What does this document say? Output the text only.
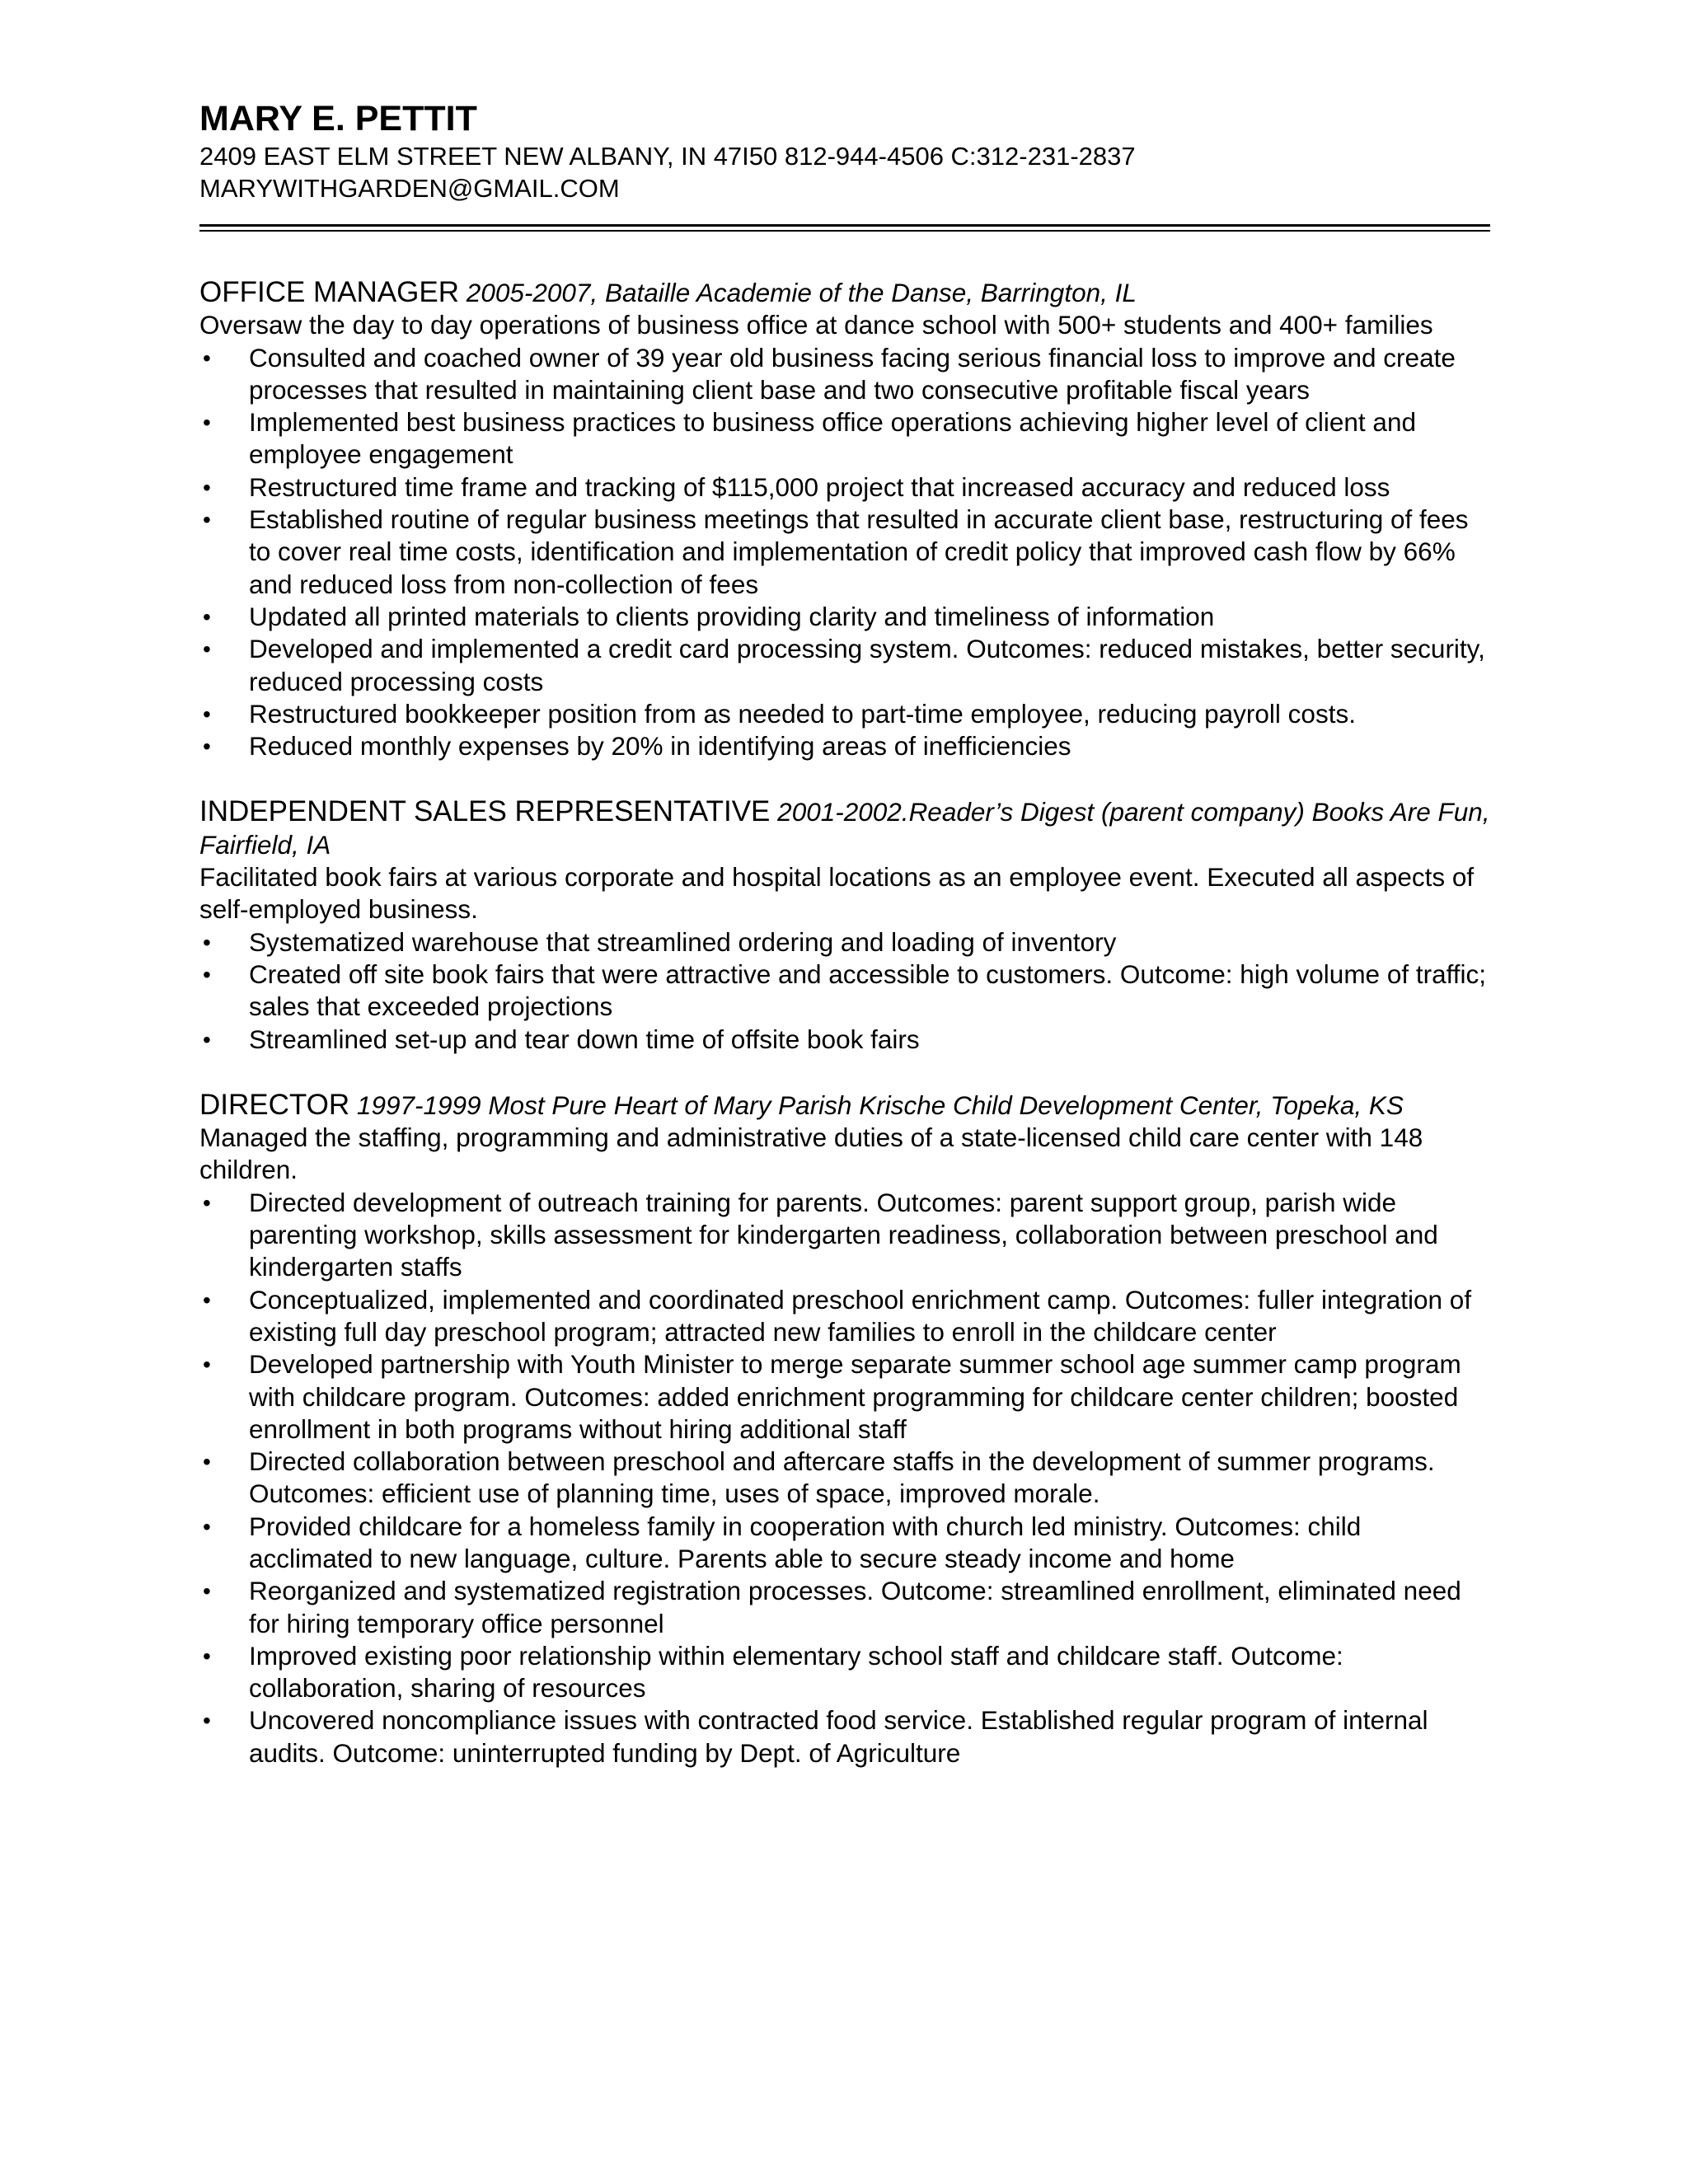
MARY E. PETTIT

2409 EAST ELM STREET NEW ALBANY, IN 47I50 812-944-4506 C:312-231-2837

MARYWITHGARDEN@GMAIL.COM

OFFICE MANAGER 2005-2007, Bataille Academie of the Danse, Barrington, IL

Oversaw the day to day operations of business office at dance school with 500+ students and 400+ families

• Consulted and coached owner of 39 year old business facing serious financial loss to improve and create processes that resulted in maintaining client base and two consecutive profitable fiscal years
• Implemented best business practices to business office operations achieving higher level of client and employee engagement
• Restructured time frame and tracking of $115,000 project that increased accuracy and reduced loss
• Established routine of regular business meetings that resulted in accurate client base, restructuring of fees to cover real time costs, identification and implementation of credit policy that improved cash flow by 66% and reduced loss from non-collection of fees
• Updated all printed materials to clients providing clarity and timeliness of information
• Developed and implemented a credit card processing system. Outcomes: reduced mistakes, better security, reduced processing costs
• Restructured bookkeeper position from as needed to part-time employee, reducing payroll costs.
• Reduced monthly expenses by 20% in identifying areas of inefficiencies

INDEPENDENT SALES REPRESENTATIVE 2001-2002.Reader’s Digest (parent company) Books Are Fun, Fairfield, IA

Facilitated book fairs at various corporate and hospital locations as an employee event. Executed all aspects of self-employed business.

• Systematized warehouse that streamlined ordering and loading of inventory
• Created off site book fairs that were attractive and accessible to customers. Outcome: high volume of traffic; sales that exceeded projections
• Streamlined set-up and tear down time of offsite book fairs

DIRECTOR 1997-1999 Most Pure Heart of Mary Parish Krische Child Development Center, Topeka, KS

Managed the staffing, programming and administrative duties of a state-licensed child care center with 148 children.

• Directed development of outreach training for parents. Outcomes: parent support group, parish wide parenting workshop, skills assessment for kindergarten readiness, collaboration between preschool and kindergarten staffs
• Conceptualized, implemented and coordinated preschool enrichment camp. Outcomes: fuller integration of existing full day preschool program; attracted new families to enroll in the childcare center
• Developed partnership with Youth Minister to merge separate summer school age summer camp program with childcare program. Outcomes: added enrichment programming for childcare center children; boosted enrollment in both programs without hiring additional staff
• Directed collaboration between preschool and aftercare staffs in the development of summer programs. Outcomes: efficient use of planning time, uses of space, improved morale.
• Provided childcare for a homeless family in cooperation with church led ministry. Outcomes: child acclimated to new language, culture. Parents able to secure steady income and home
• Reorganized and systematized registration processes. Outcome: streamlined enrollment, eliminated need for hiring temporary office personnel
• Improved existing poor relationship within elementary school staff and childcare staff. Outcome: collaboration, sharing of resources
• Uncovered noncompliance issues with contracted food service. Established regular program of internal audits. Outcome: uninterrupted funding by Dept. of Agriculture
